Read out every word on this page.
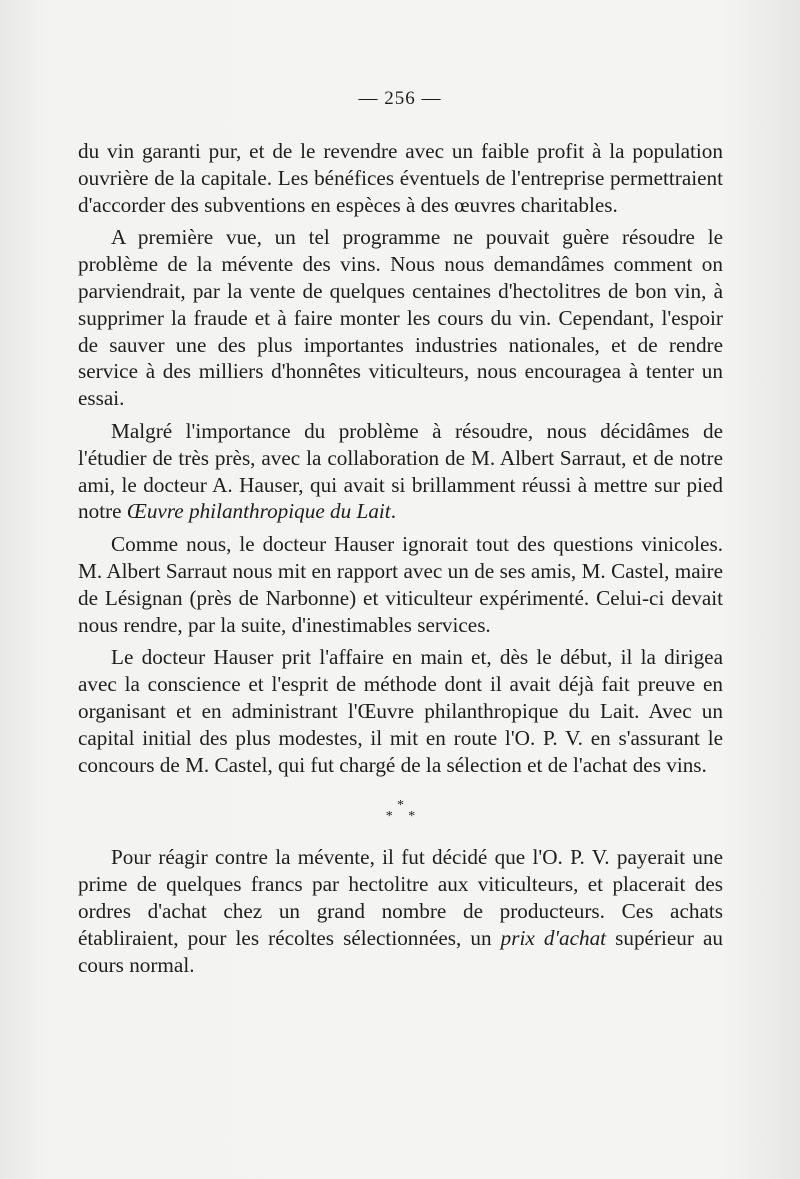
— 256 —

du vin garanti pur, et de le revendre avec un faible profit à la population ouvrière de la capitale. Les bénéfices éventuels de l'entreprise permettraient d'accorder des subventions en espèces à des œuvres charitables.

A première vue, un tel programme ne pouvait guère résoudre le problème de la mévente des vins. Nous nous demandâmes comment on parviendrait, par la vente de quelques centaines d'hectolitres de bon vin, à supprimer la fraude et à faire monter les cours du vin. Cependant, l'espoir de sauver une des plus importantes industries nationales, et de rendre service à des milliers d'honnêtes viticulteurs, nous encouragea à tenter un essai.

Malgré l'importance du problème à résoudre, nous décidâmes de l'étudier de très près, avec la collaboration de M. Albert Sarraut, et de notre ami, le docteur A. Hauser, qui avait si brillamment réussi à mettre sur pied notre Œuvre philanthropique du Lait.

Comme nous, le docteur Hauser ignorait tout des questions vinicoles. M. Albert Sarraut nous mit en rapport avec un de ses amis, M. Castel, maire de Lésignan (près de Narbonne) et viticulteur expérimenté. Celui-ci devait nous rendre, par la suite, d'inestimables services.

Le docteur Hauser prit l'affaire en main et, dès le début, il la dirigea avec la conscience et l'esprit de méthode dont il avait déjà fait preuve en organisant et en administrant l'Œuvre philanthropique du Lait. Avec un capital initial des plus modestes, il mit en route l'O. P. V. en s'assurant le concours de M. Castel, qui fut chargé de la sélection et de l'achat des vins.

*
* *

Pour réagir contre la mévente, il fut décidé que l'O. P. V. payerait une prime de quelques francs par hectolitre aux viticulteurs, et placerait des ordres d'achat chez un grand nombre de producteurs. Ces achats établiraient, pour les récoltes sélectionnées, un prix d'achat supérieur au cours normal.
